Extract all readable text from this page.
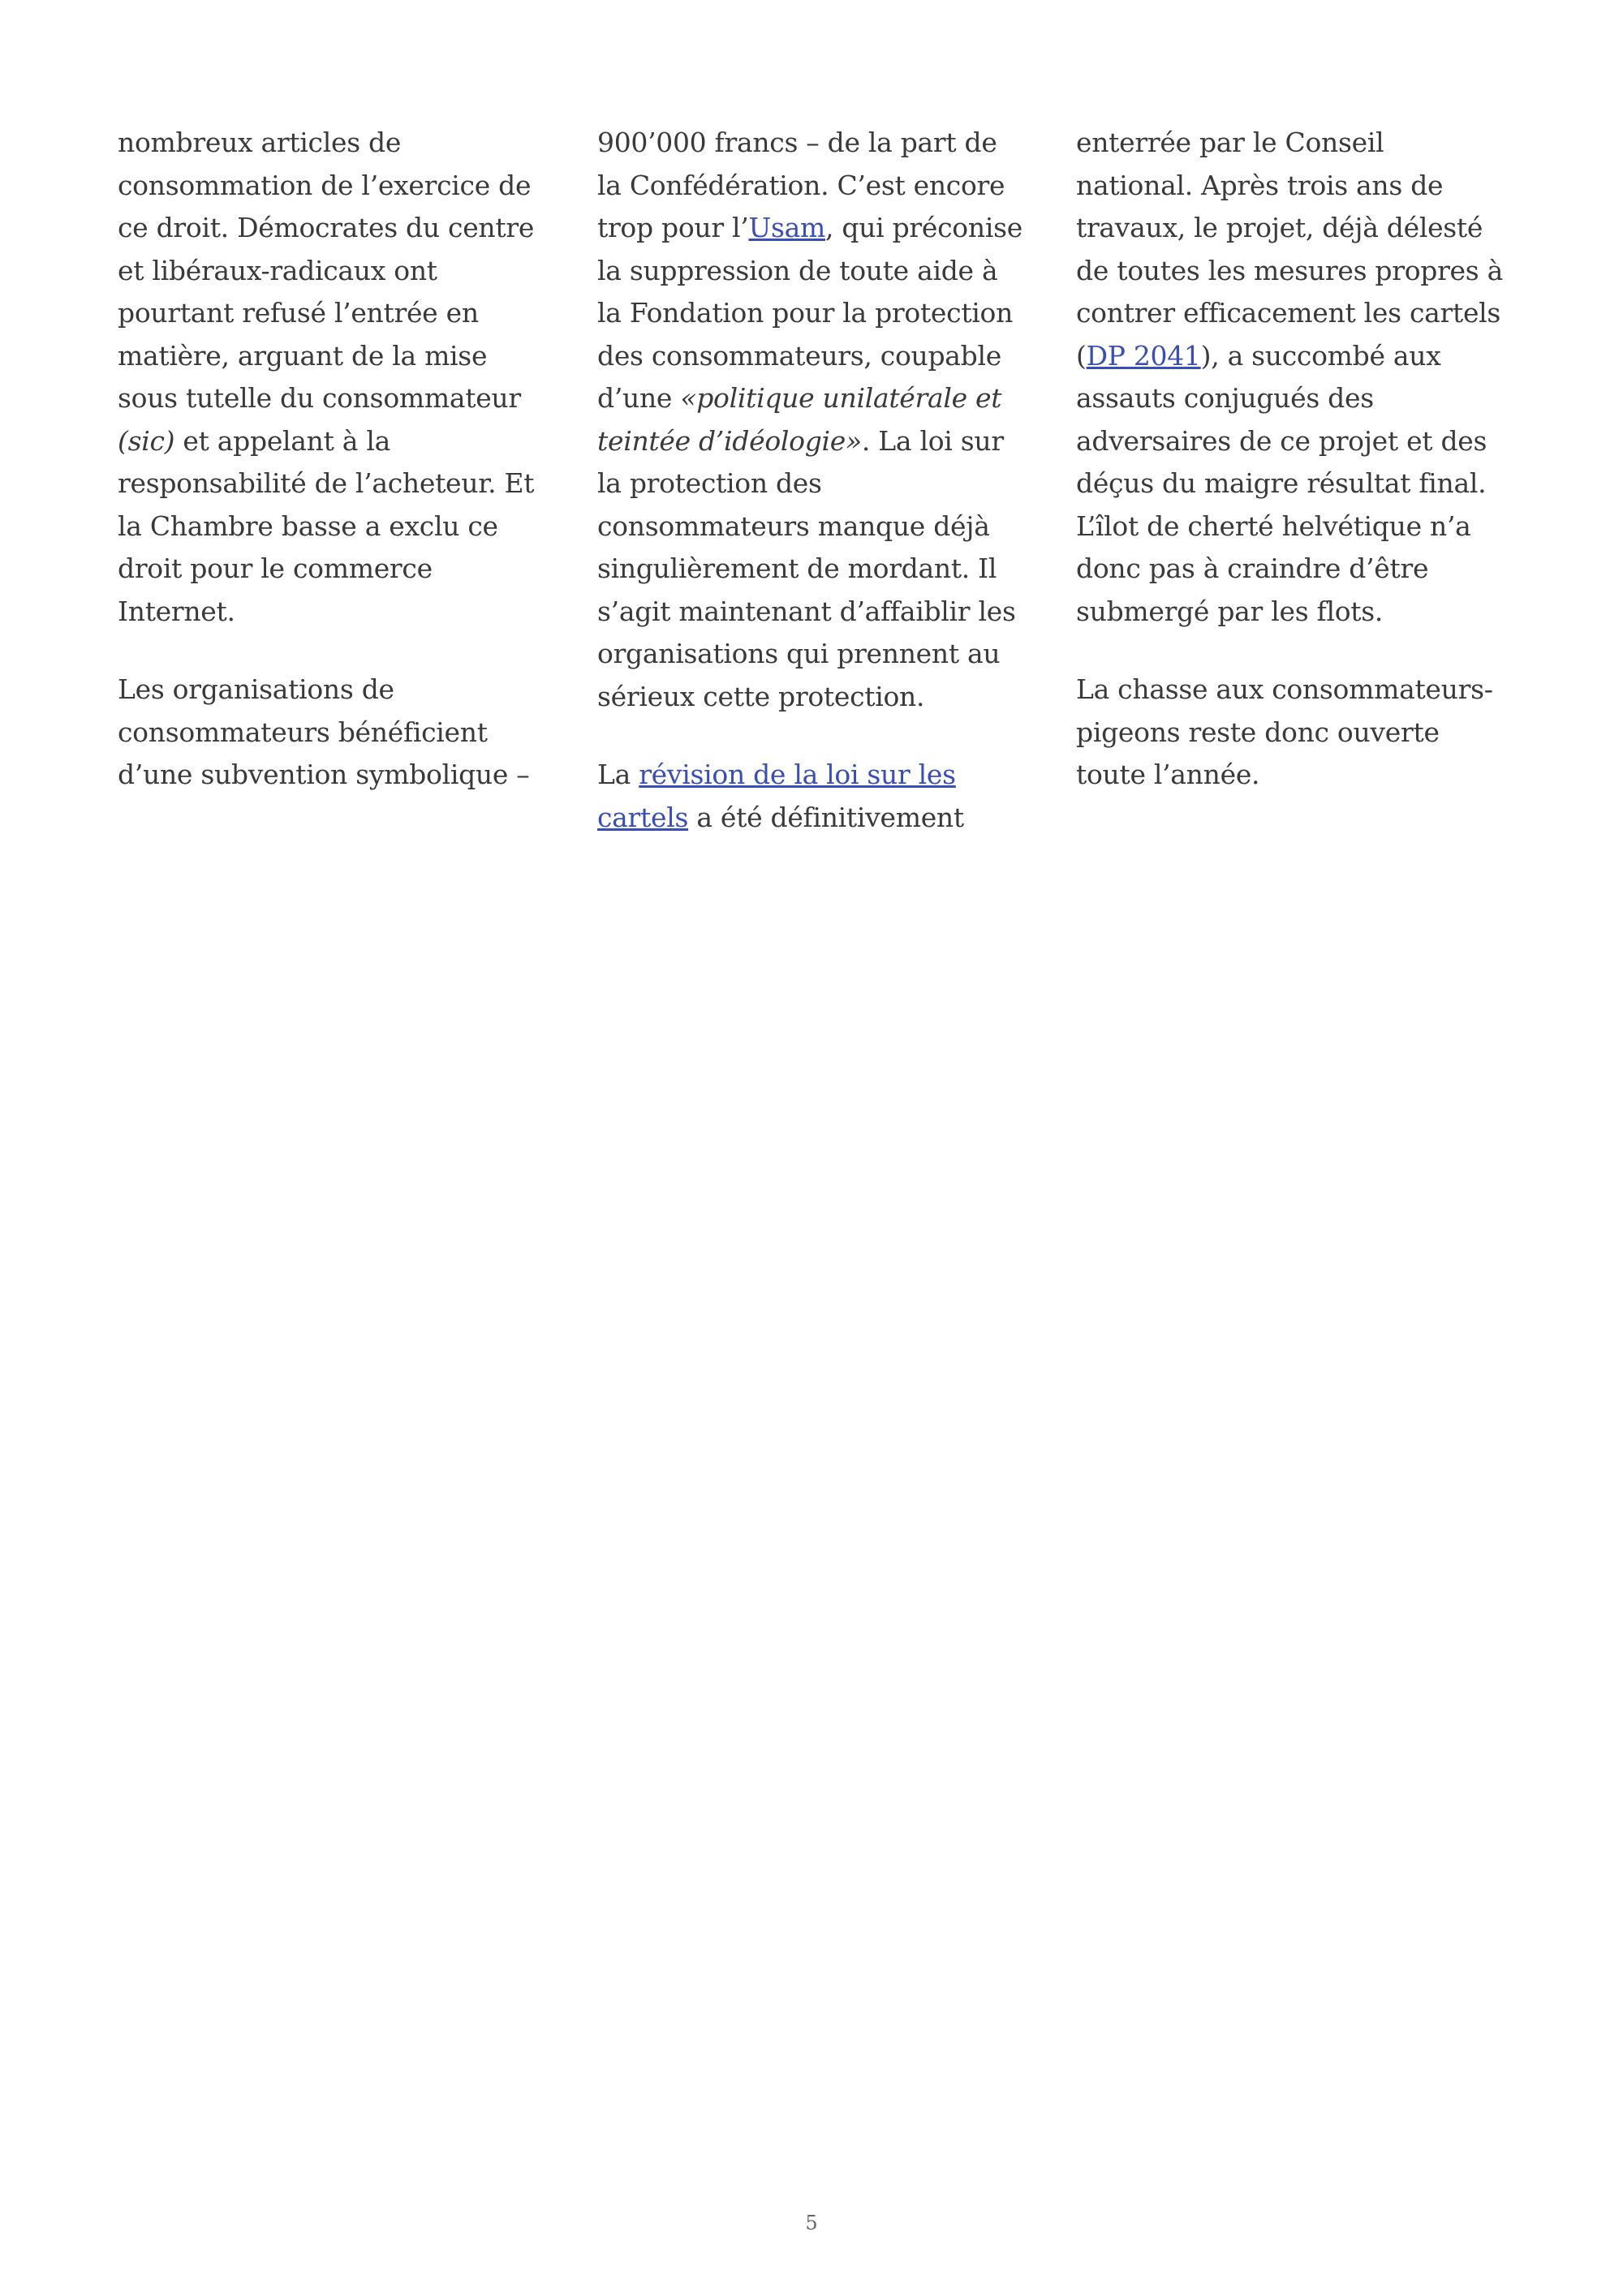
nombreux articles de
consommation de l’exercice de
ce droit. Démocrates du centre
et libéraux-radicaux ont
pourtant refusé l’entrée en
matière, arguant de la mise
sous tutelle du consommateur
(sic) et appelant à la
responsabilité de l’acheteur. Et
la Chambre basse a exclu ce
droit pour le commerce
Internet.

Les organisations de
consommateurs bénéficient
d’une subvention symbolique –

900’000 francs – de la part de
la Confédération. C’est encore
trop pour l’Usam, qui préconise
la suppression de toute aide à
la Fondation pour la protection
des consommateurs, coupable
d’une «politique unilatérale et
teintée d’idéologie». La loi sur
la protection des
consommateurs manque déjà
singulièrement de mordant. Il
s’agit maintenant d’affaiblir les
organisations qui prennent au
sérieux cette protection.

La révision de la loi sur les
cartels a été définitivement

enterrée par le Conseil
national. Après trois ans de
travaux, le projet, déjà délesté
de toutes les mesures propres à
contrer efficacement les cartels
(DP 2041), a succombé aux
assauts conjugués des
adversaires de ce projet et des
déçus du maigre résultat final.
L’îlot de cherté helvétique n’a
donc pas à craindre d’être
submergé par les flots.

La chasse aux consommateurs-
pigeons reste donc ouverte
toute l’année.

5
